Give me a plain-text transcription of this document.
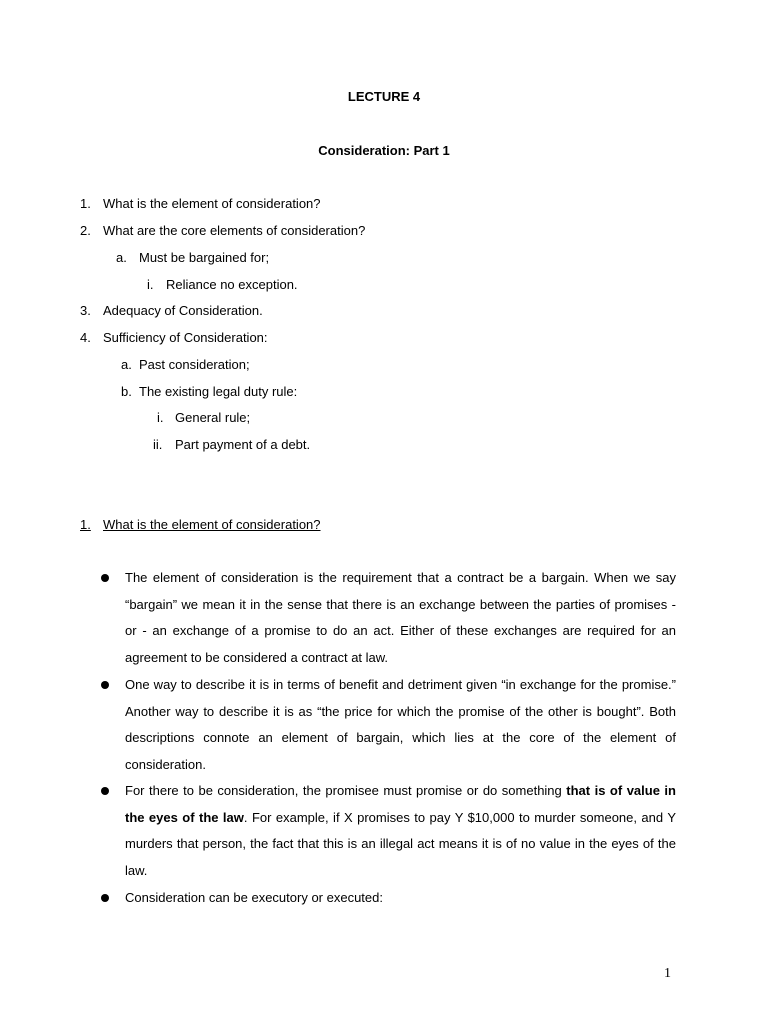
LECTURE 4
Consideration: Part 1
1. What is the element of consideration?
2. What are the core elements of consideration?
a. Must be bargained for;
i. Reliance no exception.
3. Adequacy of Consideration.
4. Sufficiency of Consideration:
a. Past consideration;
b. The existing legal duty rule:
i. General rule;
ii. Part payment of a debt.
1. What is the element of consideration?
The element of consideration is the requirement that a contract be a bargain. When we say “bargain” we mean it in the sense that there is an exchange between the parties of promises - or - an exchange of a promise to do an act. Either of these exchanges are required for an agreement to be considered a contract at law.
One way to describe it is in terms of benefit and detriment given “in exchange for the promise.” Another way to describe it is as “the price for which the promise of the other is bought”. Both descriptions connote an element of bargain, which lies at the core of the element of consideration.
For there to be consideration, the promisee must promise or do something that is of value in the eyes of the law. For example, if X promises to pay Y $10,000 to murder someone, and Y murders that person, the fact that this is an illegal act means it is of no value in the eyes of the law.
Consideration can be executory or executed:
1
